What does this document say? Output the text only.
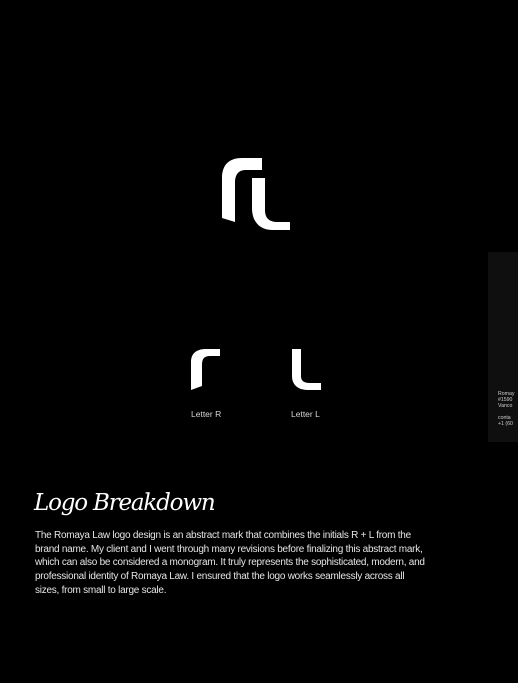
Letter R	Letter L
Romay
#1590
Vanco
conta
+1 (60
Logo Breakdown

The Romaya Law logo design is an abstract mark that combines the initials R + L from the brand name. My client and I went through many revisions before finalizing this abstract mark, which can also be considered a monogram. It truly represents the sophisticated, modern, and professional identity of Romaya Law. I ensured that the logo works seamlessly across all sizes, from small to large scale.
